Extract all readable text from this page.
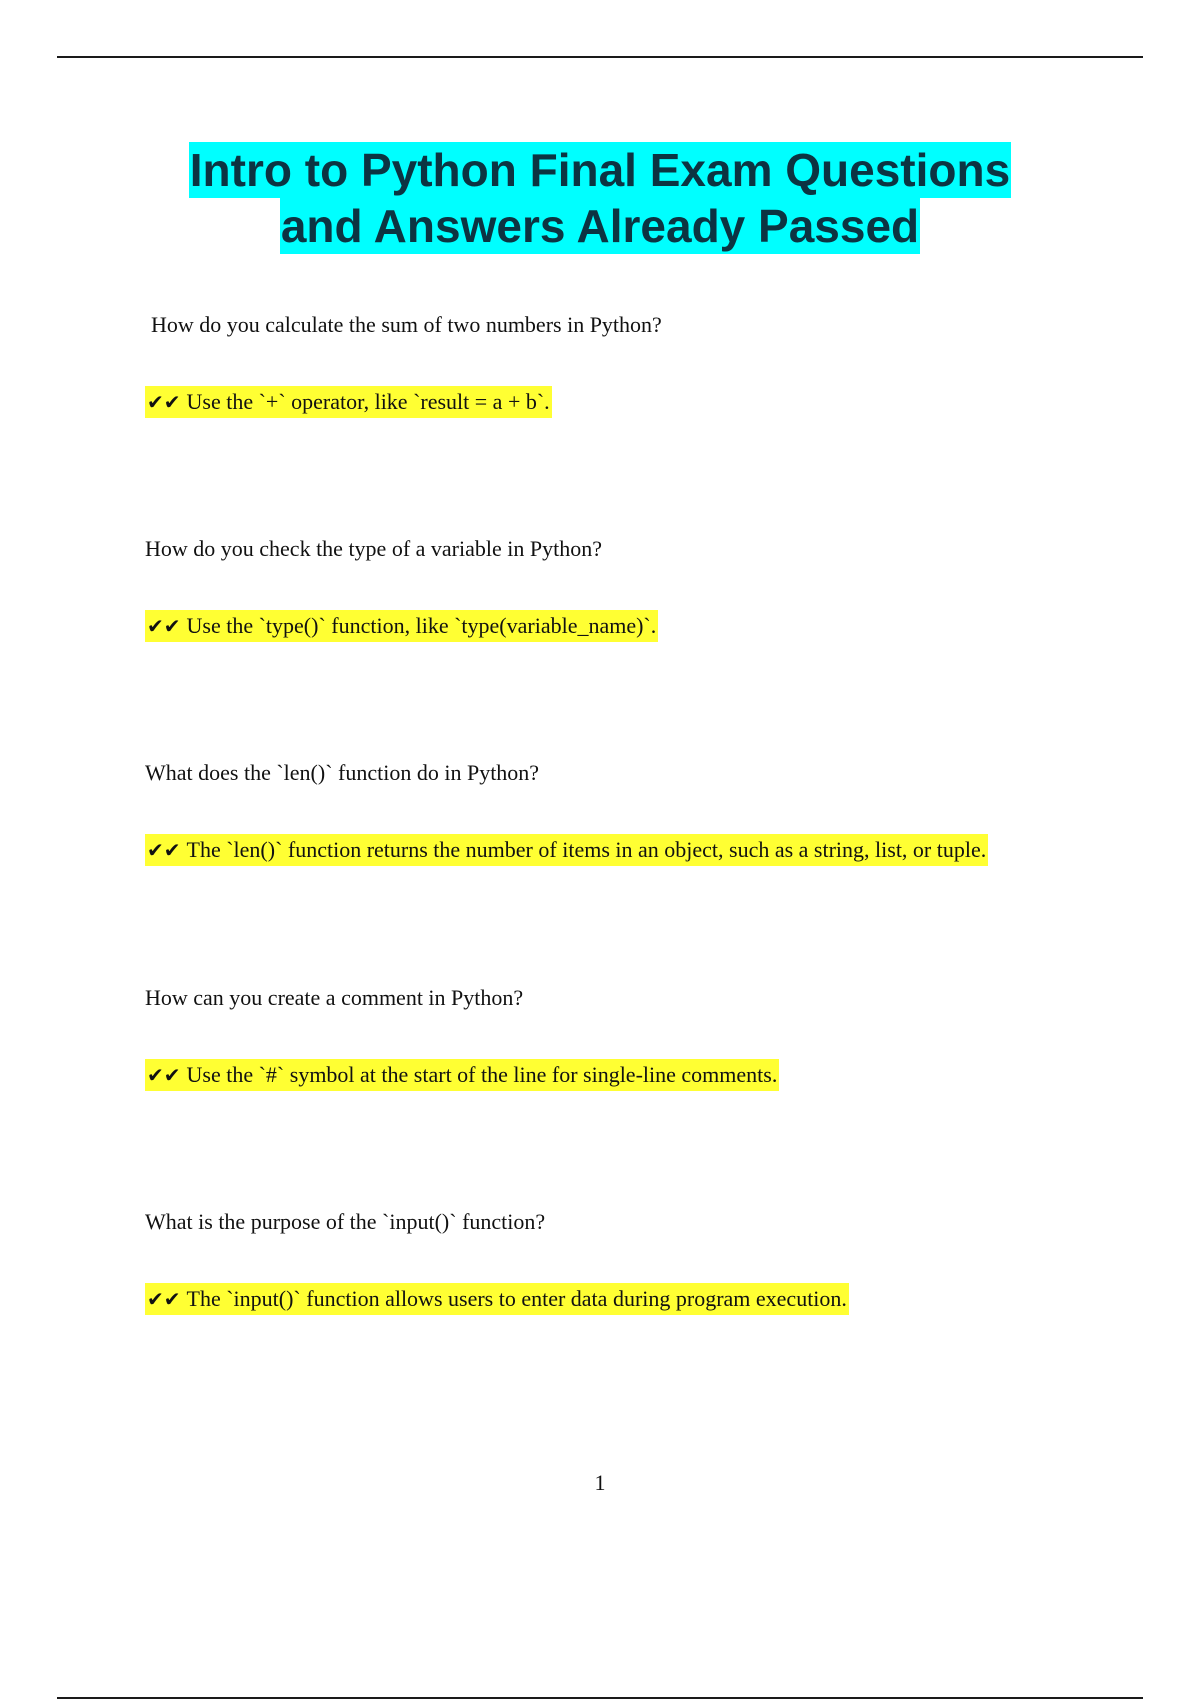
Intro to Python Final Exam Questions
and Answers Already Passed

How do you calculate the sum of two numbers in Python?

✔✔ Use the `+` operator, like `result = a + b`.

How do you check the type of a variable in Python?

✔✔ Use the `type()` function, like `type(variable_name)`.

What does the `len()` function do in Python?

✔✔ The `len()` function returns the number of items in an object, such as a string, list, or tuple.

How can you create a comment in Python?

✔✔ Use the `#` symbol at the start of the line for single-line comments.

What is the purpose of the `input()` function?

✔✔ The `input()` function allows users to enter data during program execution.
1
